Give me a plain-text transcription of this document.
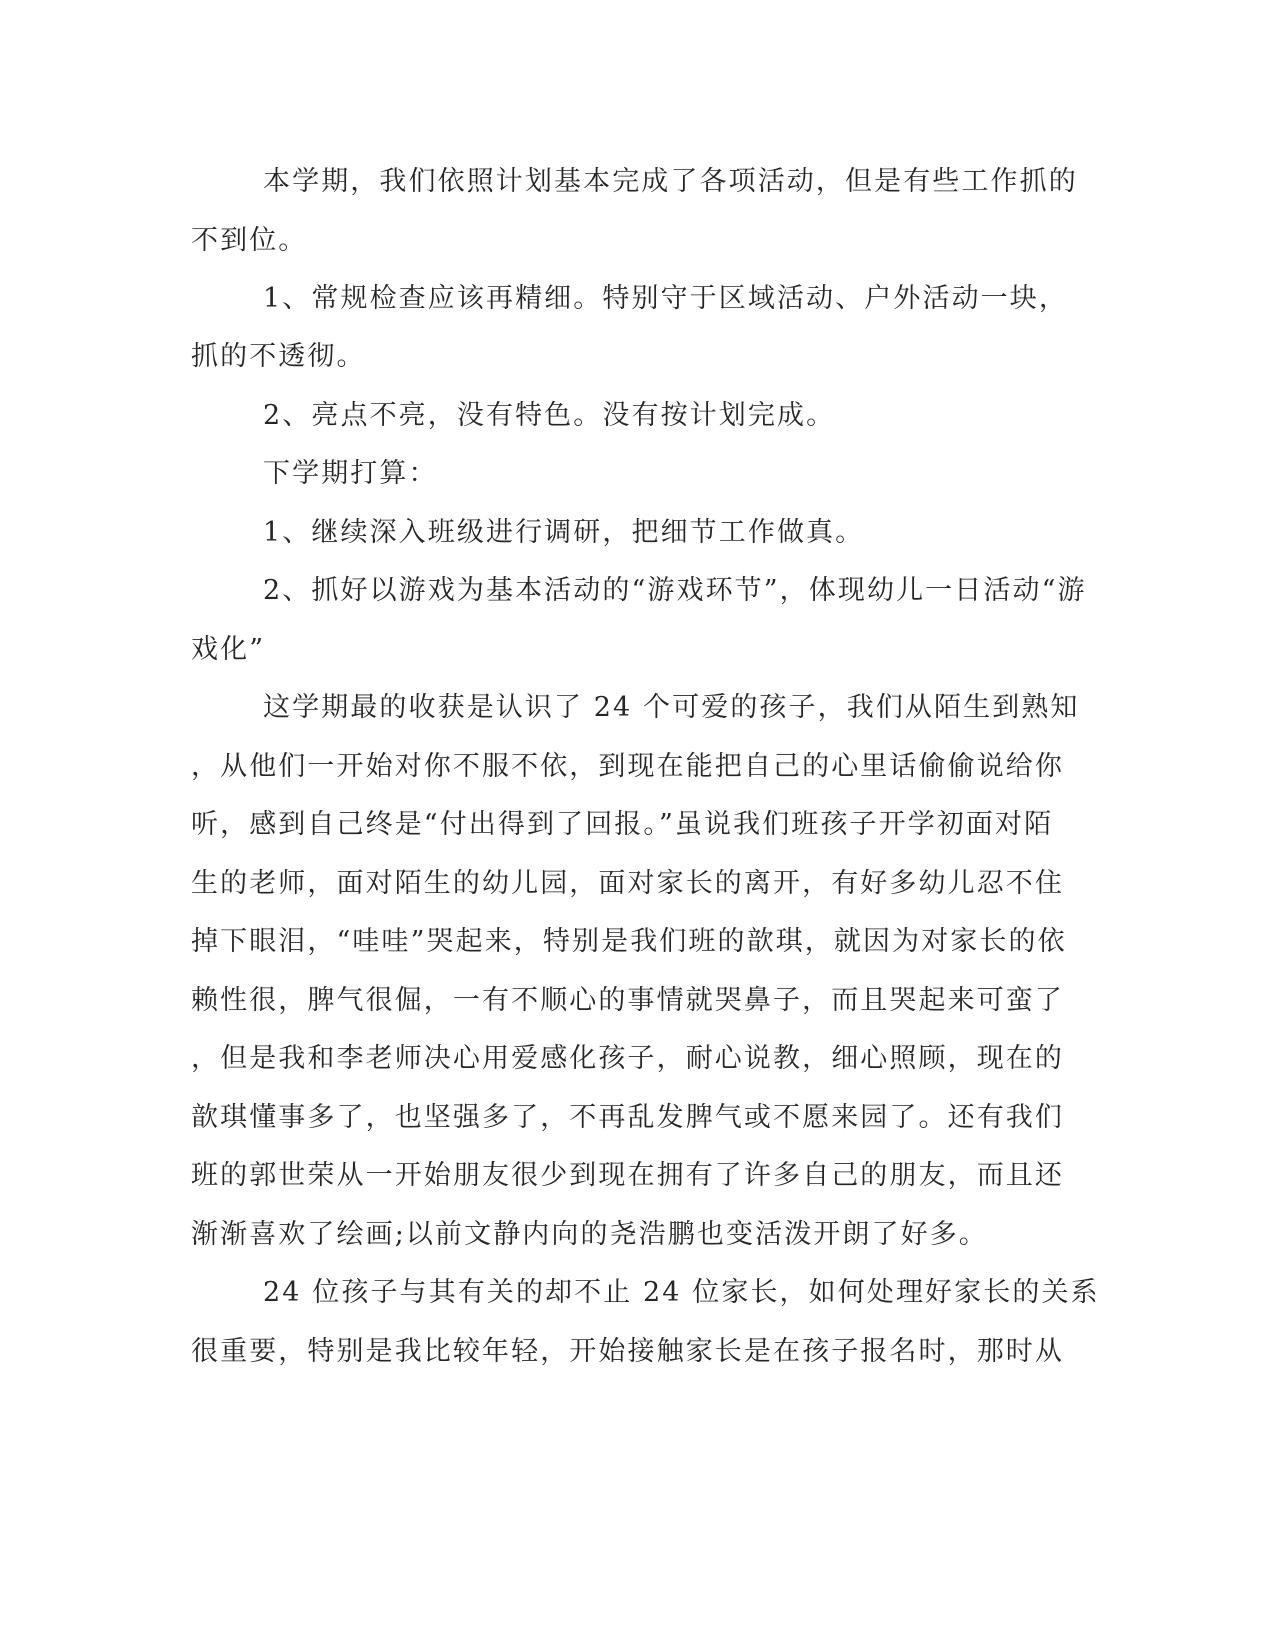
本学期，我们依照计划基本完成了各项活动，但是有些工作抓的
不到位。
1、常规检查应该再精细。特别守于区域活动、户外活动一块，
抓的不透彻。
2、亮点不亮，没有特色。没有按计划完成。
下学期打算：
1、继续深入班级进行调研，把细节工作做真。
2、抓好以游戏为基本活动的“游戏环节”，体现幼儿一日活动“游
戏化”
这学期最的收获是认识了 24 个可爱的孩子，我们从陌生到熟知
，从他们一开始对你不服不依，到现在能把自己的心里话偷偷说给你
听，感到自己终是“付出得到了回报。”虽说我们班孩子开学初面对陌
生的老师，面对陌生的幼儿园，面对家长的离开，有好多幼儿忍不住
掉下眼泪，“哇哇”哭起来，特别是我们班的歆琪，就因为对家长的依
赖性很，脾气很倔，一有不顺心的事情就哭鼻子，而且哭起来可蛮了
，但是我和李老师决心用爱感化孩子，耐心说教，细心照顾，现在的
歆琪懂事多了，也坚强多了，不再乱发脾气或不愿来园了。还有我们
班的郭世荣从一开始朋友很少到现在拥有了许多自己的朋友，而且还
渐渐喜欢了绘画;以前文静内向的尧浩鹏也变活泼开朗了好多。
24 位孩子与其有关的却不止 24 位家长，如何处理好家长的关系
很重要，特别是我比较年轻，开始接触家长是在孩子报名时，那时从
